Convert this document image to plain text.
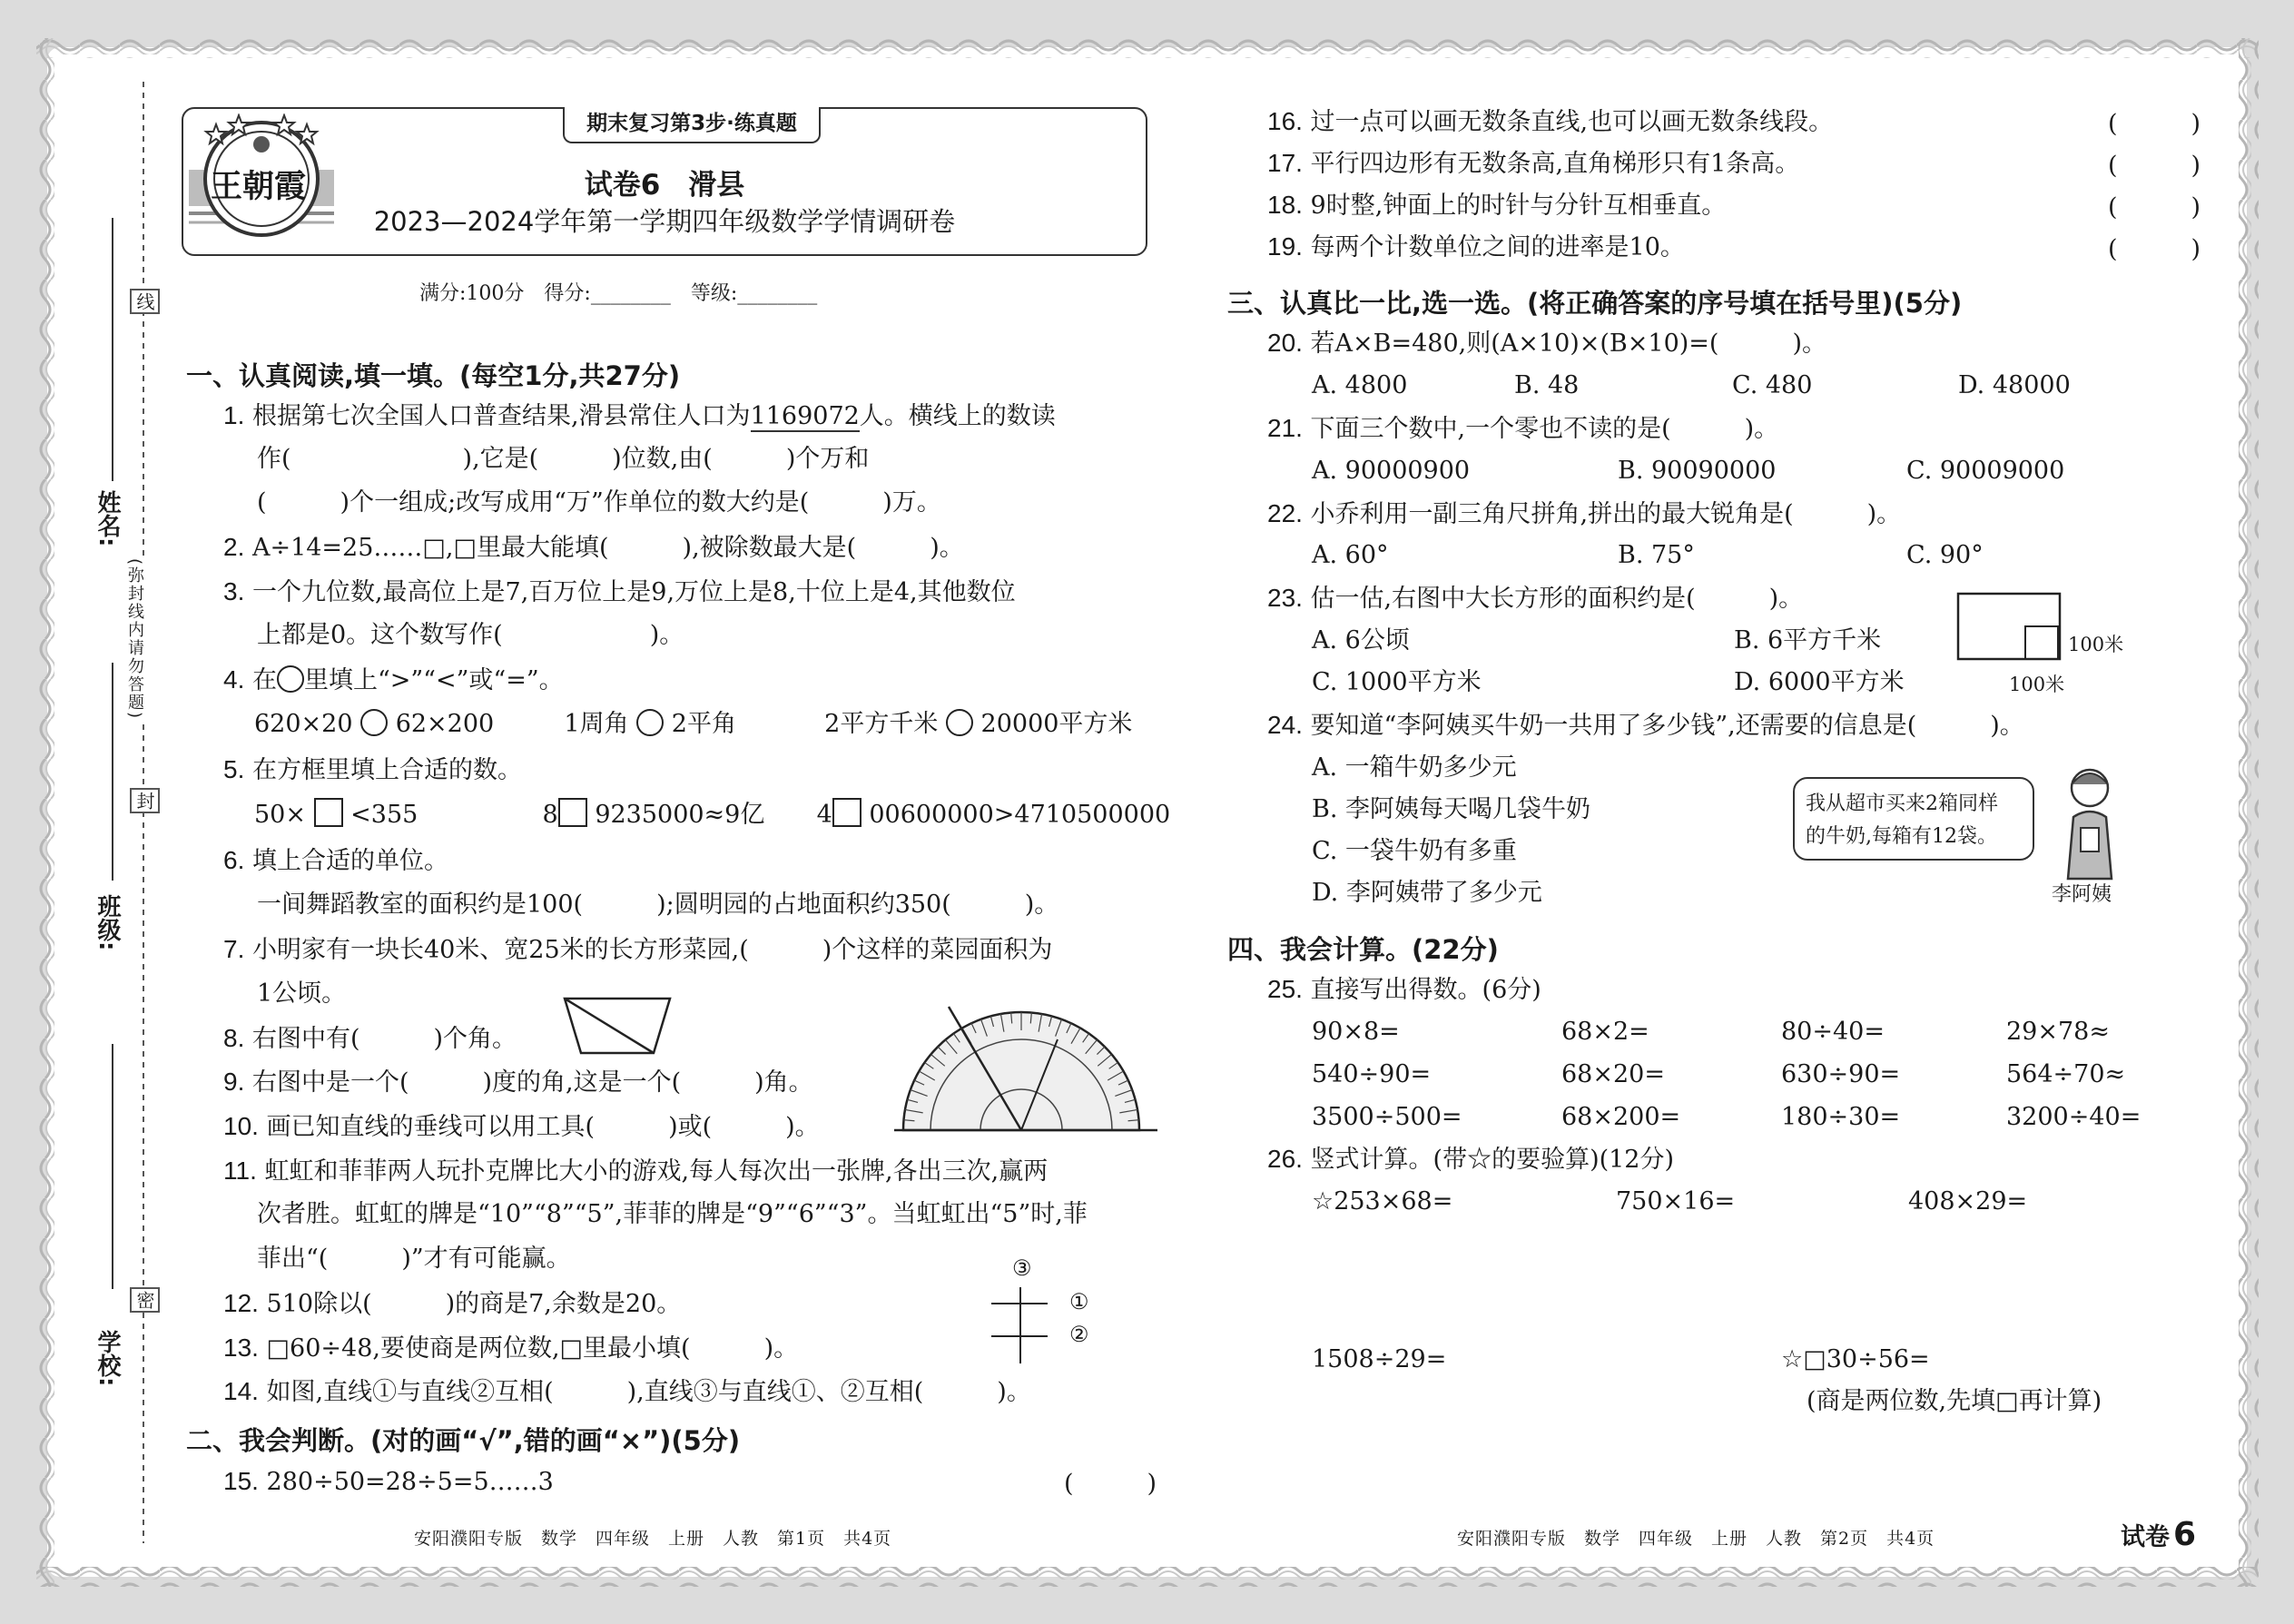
学校:
班级:
姓名:
线
封
密
(弥封线内请勿答题)
期末复习第3步·练真题
试卷6　滑县
2023—2024学年第一学期四年级数学学情调研卷
王朝霞
满分:100分　得分:________　等级:________
一、认真阅读,填一填。(每空1分,共27分)
1. 根据第七次全国人口普查结果,滑县常住人口为1169072人。横线上的数读
作(　　　　　　　),它是(　　　)位数,由(　　　)个万和
(　　　)个一组成;改写成用“万”作单位的数大约是(　　　)万。
2. A÷14=25……□,□里最大能填(　　　),被除数最大是(　　　)。
3. 一个九位数,最高位上是7,百万位上是9,万位上是8,十位上是4,其他数位
上都是0。这个数写作(　　　　　　)。
4. 在 里填上“>”“<”或“=”。
620×20 62×200	1周角 2平角	2平方千米 20000平方米
5. 在方框里填上合适的数。
50× <355	8 9235000≈9亿 4 00600000>4710500000
6. 填上合适的单位。
一间舞蹈教室的面积约是100(　　　);圆明园的占地面积约350(　　　)。
7. 小明家有一块长40米、宽25米的长方形菜园,(　　　)个这样的菜园面积为
1公顷。
8. 右图中有(　　　)个角。
9. 右图中是一个(　　　)度的角,这是一个(　　　)角。
10. 画已知直线的垂线可以用工具(　　　)或(　　　)。
11. 虹虹和菲菲两人玩扑克牌比大小的游戏,每人每次出一张牌,各出三次,赢两
次者胜。虹虹的牌是“10”“8”“5”,菲菲的牌是“9”“6”“3”。当虹虹出“5”时,菲
菲出“(　　　)”才有可能赢。
12. 510除以(　　　)的商是7,余数是20。
13. □60÷48,要使商是两位数,□里最小填(　　　)。
14. 如图,直线①与直线②互相(　　　),直线③与直线①、②互相(　　　)。
③
①
②
二、我会判断。(对的画“√”,错的画“×”)(5分)
15. 280÷50=28÷5=5……3	(　　　)
安阳濮阳专版　数学　四年级　上册　人教　第1页　共4页
16. 过一点可以画无数条直线,也可以画无数条线段。	(　　　)
17. 平行四边形有无数条高,直角梯形只有1条高。	(　　　)
18. 9时整,钟面上的时针与分针互相垂直。	(　　　)
19. 每两个计数单位之间的进率是10。	(　　　)
三、认真比一比,选一选。(将正确答案的序号填在括号里)(5分)
20. 若A×B=480,则(A×10)×(B×10)=(　　　)。
A. 4800	B. 48	C. 480	D. 48000
21. 下面三个数中,一个零也不读的是(　　　)。
A. 90000900	B. 90090000	C. 90009000
22. 小乔利用一副三角尺拼角,拼出的最大锐角是(　　　)。
A. 60°	B. 75°	C. 90°
23. 估一估,右图中大长方形的面积约是(　　　)。
A. 6公顷	B. 6平方千米
C. 1000平方米	D. 6000平方米
100米
100米
24. 要知道“李阿姨买牛奶一共用了多少钱”,还需要的信息是(　　　)。
A. 一箱牛奶多少元
B. 李阿姨每天喝几袋牛奶
C. 一袋牛奶有多重
D. 李阿姨带了多少元
我从超市买来2箱同样
的牛奶,每箱有12袋。
李阿姨
四、我会计算。(22分)
25. 直接写出得数。(6分)
90×8=	68×2=	80÷40=	29×78≈
540÷90=	68×20=	630÷90=	564÷70≈
3500÷500=	68×200=	180÷30=	3200÷40=
26. 竖式计算。(带☆的要验算)(12分)
☆253×68=	750×16=	408×29=
1508÷29=	☆□30÷56=
(商是两位数,先填□再计算)
安阳濮阳专版　数学　四年级　上册　人教　第2页　共4页	试卷 6
